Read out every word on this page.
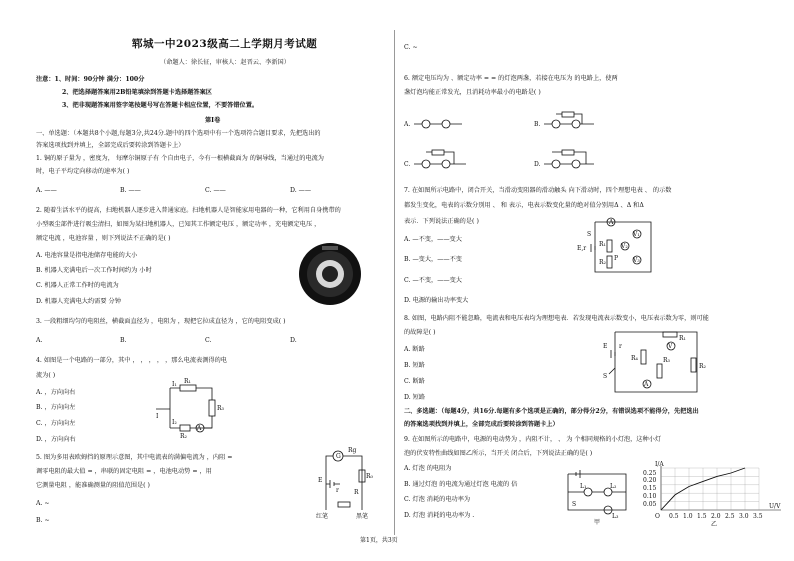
郓城一中2023级高二上学期月考试题
（命题人：徐长征，审核人：赵晋云、李新国）
注意：1、时间：90分钟 满分：100分
2、把选择题答案用2B铅笔填涂到答题卡选择题答案区
3、把非现题答案用签字笔按题号写在答题卡相应位置，不要答错位置。
第Ⅰ卷
一、单选题：（本题共8个小题,每题3分,共24分.题中的四个选项中有一个选项符合题目要求，先把选出的
答案选项找到并填上，全部完成后要转涂到答题卡上）
1. 铜的原子量为 ，密度为， 每摩尔铜原子有 个自由电子，今有一根横截面为 的铜导线，当通过的电流为
时，电子平均定向移动的速率为( )
A. ——	B. ——	C. ——	D. ——
2. 随着生活水平的提高，扫地机器人逐步进入普通家庭。扫地机器人是智能家用电器的一种，它利用自身携带的
小型吸尘部件进行吸尘清扫，如图为某扫地机器人，已知其工作额定电压 ，额定功率 ，充电额定电压 ，
额定电流 ，电池容量 ，则下列说法不正确的是( )
A. 电池容量是指电池储存电能的大小
B. 机器人充满电后一次工作时间约为 小时
C. 机器人正常工作时的电流为
D. 机器人充满电大约需要 分钟
3. 一段粗细均匀的电阻丝，横截面直径为 ，电阻为 ，现把它拉成直径为 ，它的电阻变成( )
A.	B.	C.	D.
4. 如图是一个电路的一部分，其中 ， ， ， ， ，那么电流表测得的电
流为( )
A. ，方向向右
B. ，方向向左
D. ，方向向右
I₁ R₁
I
R₃
A
I₂
R₂
C. ，方向向左
5. 图为多用表欧姆挡的原理示意图，其中电流表的满偏电流为 ，内阻 =
调零电阻的最大值 = ，串联的固定电阻 = ，电池电动势 = ，用
它测量电阻 ，能准确测量的阻值范围是( )
A. ~
B. ~
G
Rg
R₀
E
r	R
红笔	黑笔
C. ~
6. 额定电压均为 、额定功率 = = 的灯泡两盏，若接在电压为 的电路上，使两
盏灯泡均能正常发光，且消耗功率最小的电路是( )
A.	B.
C.	D.
7. 在如图所示电路中，闭合开关，当滑动变阻器的滑动触头 向下滑动时，四个理想电表 、 的示数
都发生变化，电表的示数分别用 、 和 表示，电表示数变化量的绝对值分别用Δ 、Δ 和Δ
表示．下列说法正确的是( )
A. —不变，——变大
B. —变大，——不变
C. —不变，——变大
D. 电源的输出功率变大
A
V₁
V₂
V₃
R₁
R₂
P
E,r
S
8. 如图，电路内阻不能忽略，电流表和电压表均为理想电表．若发现电流表示数变小，电压表示数为零，则可能
的故障是( )
A. 断路
B. 短路
C. 断路
D. 短路
E r
R₁
R₃
R₄
R₂
A
V
S
二、多选题：（每题4分，共16分.每题有多个选项是正确的，部分得分2分，有错误选项不能得分，先把选出
的答案选项找到并填上，全部完成后要转涂到答题卡上）
9. 在如图所示的电路中，电源的电动势为 ，内阻不计， 、 为 个相同规格的小灯泡，这种小灯
泡的伏安特性曲线如图乙所示，当开关 闭合后，下列说法正确的是( )
A. 灯泡 的电阻为
B. 通过灯泡 的电流为通过灯泡 电流的 倍
C. 灯泡 消耗的电功率为
D. 灯泡 消耗的电功率为 .
L₁	L₂
L₃
S
甲
I/A
0.25
0.20
0.15
0.10
0.05
O 0.5 1.0 1.5 2.0 2.5 3.0 3.5
U/V
乙
第1页，共3页
